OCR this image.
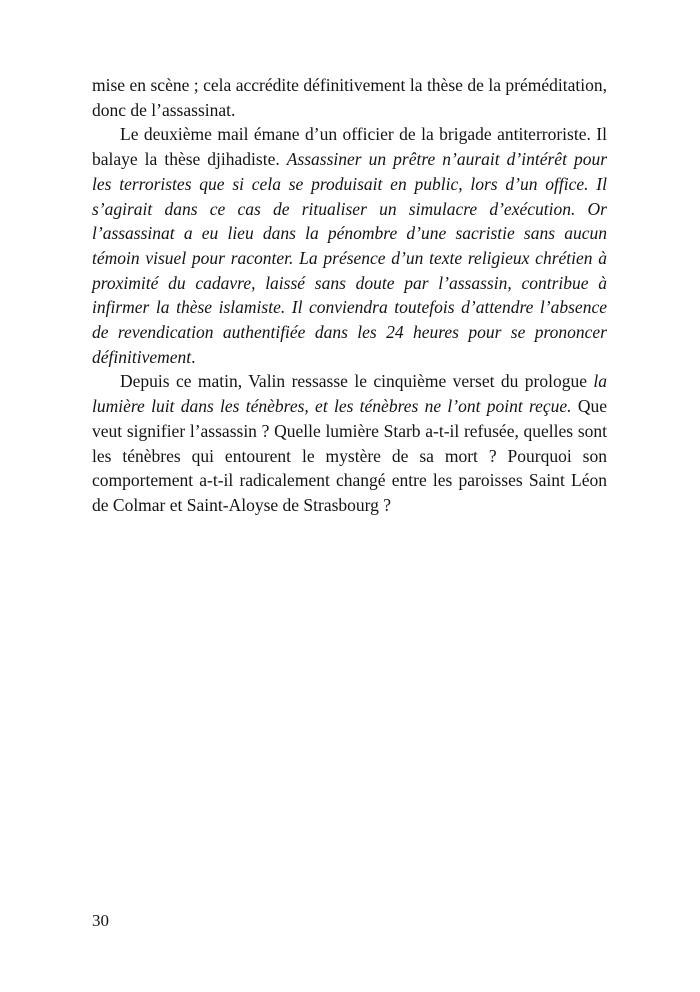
mise en scène ; cela accrédite définitivement la thèse de la préméditation, donc de l’assassinat.

Le deuxième mail émane d’un officier de la brigade antiterroriste. Il balaye la thèse djihadiste. Assassiner un prêtre n’aurait d’intérêt pour les terroristes que si cela se produisait en public, lors d’un office. Il s’agirait dans ce cas de ritualiser un simulacre d’exécution. Or l’assassinat a eu lieu dans la pénombre d’une sacristie sans aucun témoin visuel pour raconter. La présence d’un texte religieux chrétien à proximité du cadavre, laissé sans doute par l’assassin, contribue à infirmer la thèse islamiste. Il conviendra toutefois d’attendre l’absence de revendication authentifiée dans les 24 heures pour se prononcer définitivement.

Depuis ce matin, Valin ressasse le cinquième verset du prologue la lumière luit dans les ténèbres, et les ténèbres ne l’ont point reçue. Que veut signifier l’assassin ? Quelle lumière Starb a-t-il refusée, quelles sont les ténèbres qui entourent le mystère de sa mort ? Pourquoi son comportement a-t-il radicalement changé entre les paroisses Saint Léon de Colmar et Saint-Aloyse de Strasbourg ?

30
